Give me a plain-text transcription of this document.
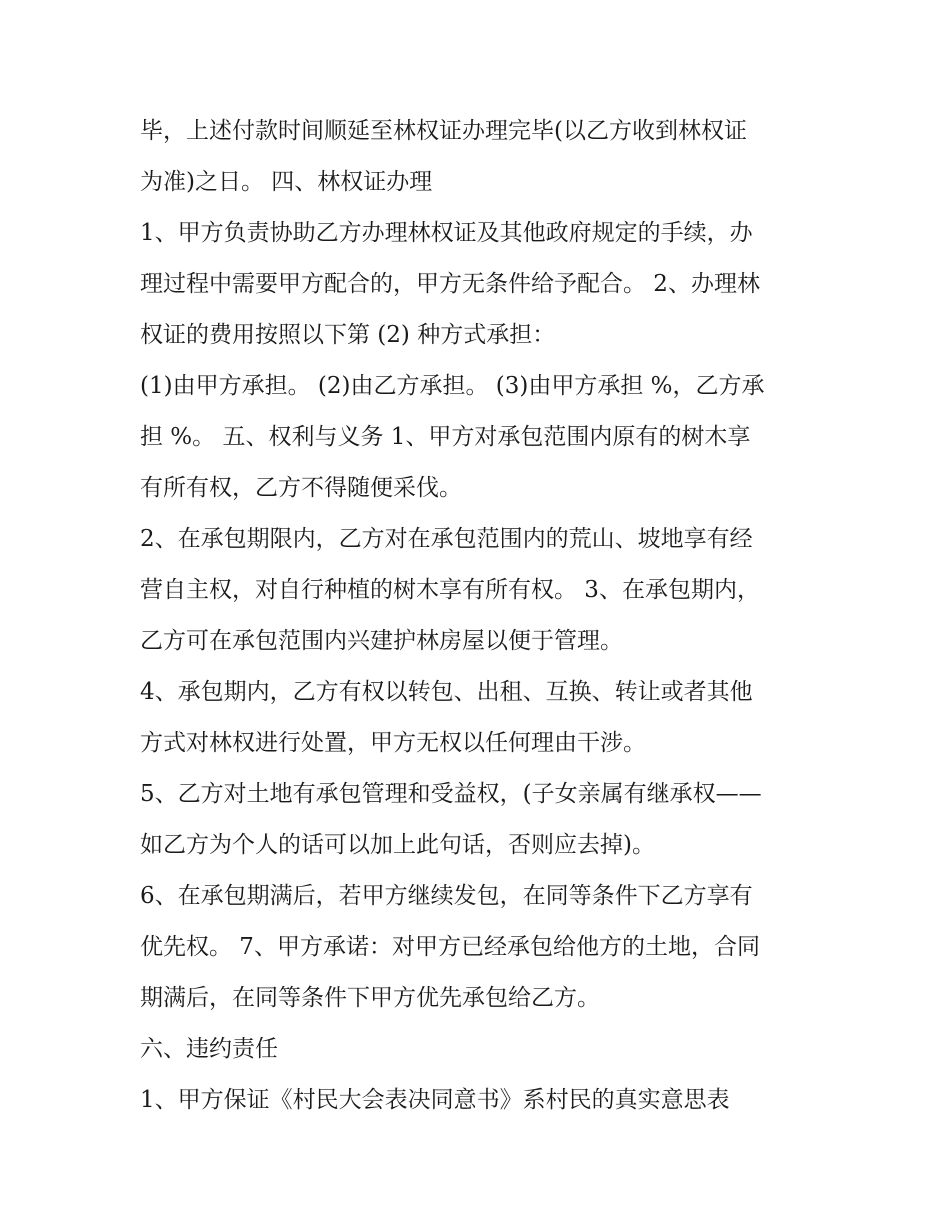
毕，上述付款时间顺延至林权证办理完毕(以乙方收到林权证
为准)之日。 四、林权证办理
1、甲方负责协助乙方办理林权证及其他政府规定的手续，办
理过程中需要甲方配合的，甲方无条件给予配合。 2、办理林
权证的费用按照以下第 (2) 种方式承担：
(1)由甲方承担。 (2)由乙方承担。 (3)由甲方承担 %，乙方承
担 %。 五、权利与义务 1、甲方对承包范围内原有的树木享
有所有权，乙方不得随便采伐。
2、在承包期限内，乙方对在承包范围内的荒山、坡地享有经
营自主权，对自行种植的树木享有所有权。 3、在承包期内，
乙方可在承包范围内兴建护林房屋以便于管理。
4、承包期内，乙方有权以转包、出租、互换、转让或者其他
方式对林权进行处置，甲方无权以任何理由干涉。
5、乙方对土地有承包管理和受益权，(子女亲属有继承权——
如乙方为个人的话可以加上此句话，否则应去掉)。
6、在承包期满后，若甲方继续发包，在同等条件下乙方享有
优先权。 7、甲方承诺：对甲方已经承包给他方的土地，合同
期满后，在同等条件下甲方优先承包给乙方。
六、违约责任
1、甲方保证《村民大会表决同意书》系村民的真实意思表
